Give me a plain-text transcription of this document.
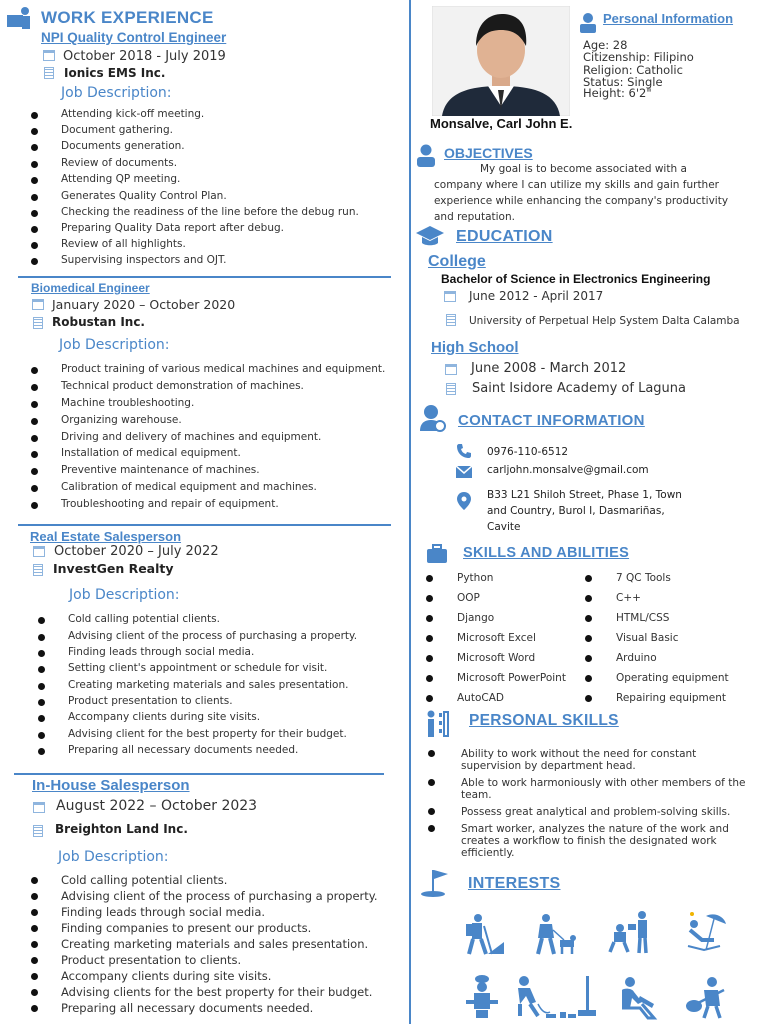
WORK EXPERIENCE
NPI Quality Control Engineer
October 2018 - July 2019
Ionics EMS Inc.
Job Description:
Attending kick-off meeting.
Document gathering.
Documents generation.
Review of documents.
Attending QP meeting.
Generates Quality Control Plan.
Checking the readiness of the line before the debug run.
Preparing Quality Data report after debug.
Review of all highlights.
Supervising inspectors and OJT.
Biomedical Engineer
January 2020 – October 2020
Robustan Inc.
Job Description:
Product training of various medical machines and equipment.
Technical product demonstration of machines.
Machine troubleshooting.
Organizing warehouse.
Driving and delivery of machines and equipment.
Installation of medical equipment.
Preventive maintenance of machines.
Calibration of medical equipment and machines.
Troubleshooting and repair of equipment.
Real Estate Salesperson
October 2020 – July 2022
InvestGen Realty
Job Description:
Cold calling potential clients.
Advising client of the process of purchasing a property.
Finding leads through social media.
Setting client's appointment or schedule for visit.
Creating marketing materials and sales presentation.
Product presentation to clients.
Accompany clients during site visits.
Advising client for the best property for their budget.
Preparing all necessary documents needed.
In-House Salesperson
August 2022 – October 2023
Breighton Land Inc.
Job Description:
Cold calling potential clients.
Advising client of the process of purchasing a property.
Finding leads through social media.
Finding companies to present our products.
Creating marketing materials and sales presentation.
Product presentation to clients.
Accompany clients during site visits.
Advising clients for the best property for their budget.
Preparing all necessary documents needed.
Personal Information
Age: 28
Citizenship: Filipino
Religion: Catholic
Status: Single
Height: 6'2"
Monsalve, Carl John E.
OBJECTIVES
My goal is to become associated with a
company where I can utilize my skills and gain further
experience while enhancing the company's productivity
and reputation.
EDUCATION
College
Bachelor of Science in Electronics Engineering
June 2012 - April 2017
University of Perpetual Help System Dalta Calamba
High School
June 2008 - March 2012
Saint Isidore Academy of Laguna
CONTACT INFORMATION
0976-110-6512
carljohn.monsalve@gmail.com
B33 L21 Shiloh Street, Phase 1, Town
and Country, Burol I, Dasmariñas,
Cavite
SKILLS AND ABILITIES
Python
OOP
Django
Microsoft Excel
Microsoft Word
Microsoft PowerPoint
AutoCAD
7 QC Tools
C++
HTML/CSS
Visual Basic
Arduino
Operating equipment
Repairing equipment
PERSONAL SKILLS
Ability to work without the need for constant supervision by department head.
Able to work harmoniously with other members of the team.
Possess great analytical and problem-solving skills.
Smart worker, analyzes the nature of the work and creates a workflow to finish the designated work efficiently.
INTERESTS
